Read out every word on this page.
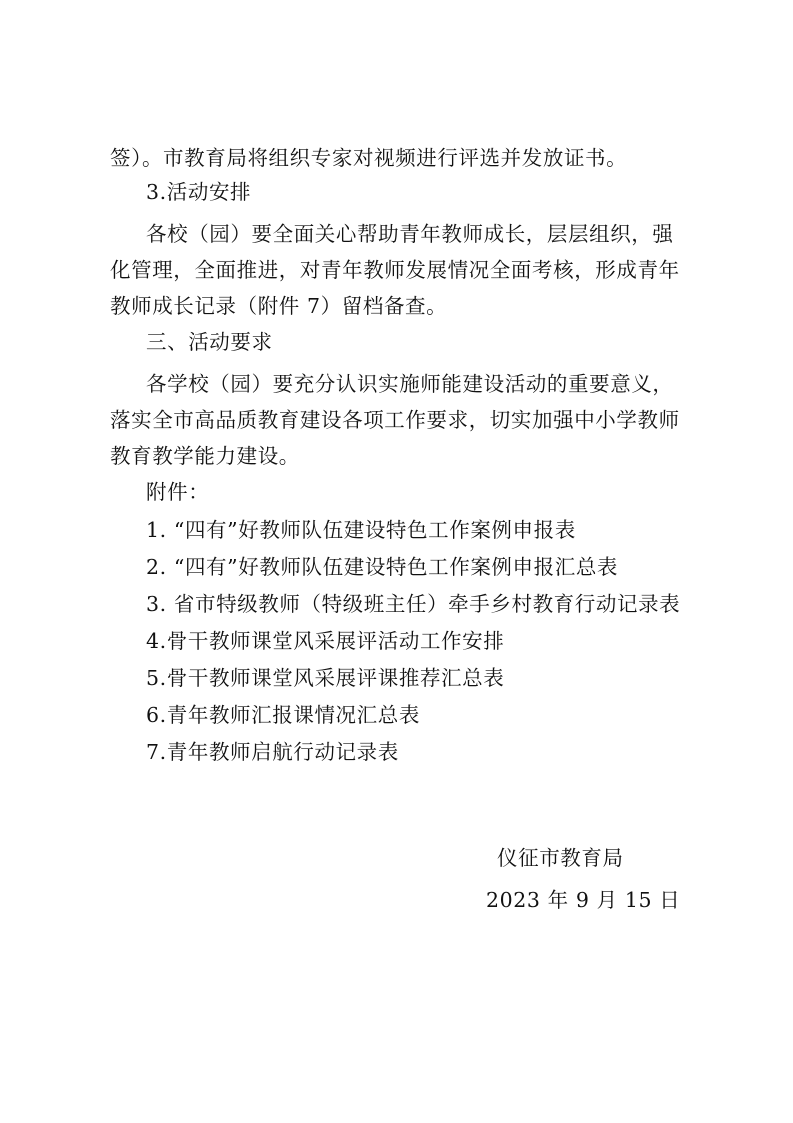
签）。市教育局将组织专家对视频进行评选并发放证书。
3.活动安排
各校（园）要全面关心帮助青年教师成长，层层组织，强
化管理，全面推进，对青年教师发展情况全面考核，形成青年
教师成长记录（附件 7）留档备查。
三、活动要求
各学校（园）要充分认识实施师能建设活动的重要意义，
落实全市高品质教育建设各项工作要求，切实加强中小学教师
教育教学能力建设。
附件：
1. “四有”好教师队伍建设特色工作案例申报表
2. “四有”好教师队伍建设特色工作案例申报汇总表
3. 省市特级教师（特级班主任）牵手乡村教育行动记录表
4.骨干教师课堂风采展评活动工作安排
5.骨干教师课堂风采展评课推荐汇总表
6.青年教师汇报课情况汇总表
7.青年教师启航行动记录表
仪征市教育局
2023 年 9 月 15 日
